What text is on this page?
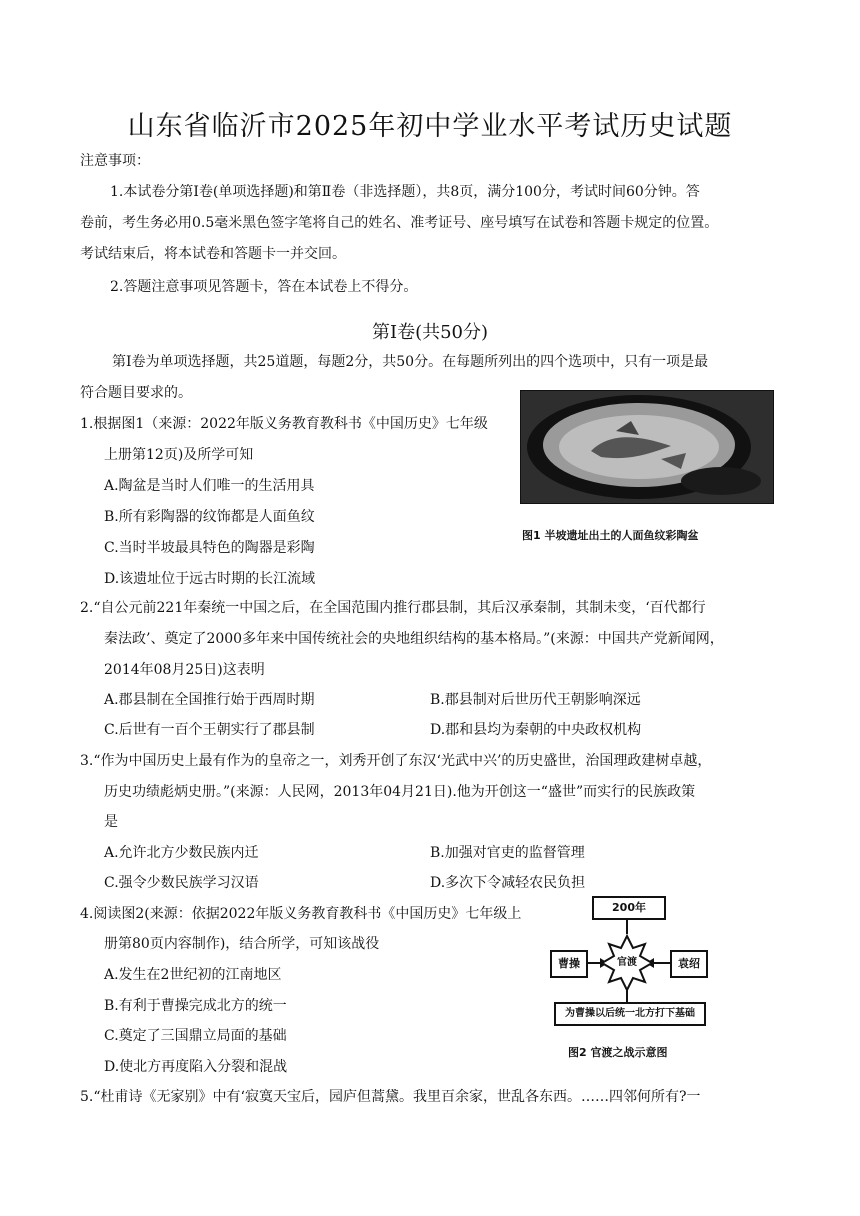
山东省临沂市2025年初中学业水平考试历史试题
注意事项：
1.本试卷分第Ⅰ卷(单项选择题)和第Ⅱ卷（非选择题），共8页，满分100分，考试时间60分钟。答
卷前，考生务必用0.5毫米黑色签字笔将自己的姓名、准考证号、座号填写在试卷和答题卡规定的位置。
考试结束后，将本试卷和答题卡一并交回。
2.答题注意事项见答题卡，答在本试卷上不得分。
第Ⅰ卷(共50分)
第Ⅰ卷为单项选择题，共25道题，每题2分，共50分。在每题所列出的四个选项中，只有一项是最
符合题目要求的。
1.根据图1（来源：2022年版义务教育教科书《中国历史》七年级
上册第12页)及所学可知
A.陶盆是当时人们唯一的生活用具
B.所有彩陶器的纹饰都是人面鱼纹
C.当时半坡最具特色的陶器是彩陶
D.该遗址位于远古时期的长江流域
图1 半坡遗址出土的人面鱼纹彩陶盆
2.“自公元前221年秦统一中国之后，在全国范围内推行郡县制，其后汉承秦制，其制未变，‘百代都行
秦法政’、奠定了2000多年来中国传统社会的央地组织结构的基本格局。”(来源：中国共产党新闻网，
2014年08月25日)这表明
A.郡县制在全国推行始于西周时期	B.郡县制对后世历代王朝影响深远
C.后世有一百个王朝实行了郡县制	D.郡和县均为秦朝的中央政权机构
3.“作为中国历史上最有作为的皇帝之一，刘秀开创了东汉‘光武中兴’的历史盛世，治国理政建树卓越，
历史功绩彪炳史册。”(来源：人民网，2013年04月21日).他为开创这一“盛世”而实行的民族政策
是
A.允许北方少数民族内迁	B.加强对官吏的监督管理
C.强令少数民族学习汉语	D.多次下令减轻农民负担
4.阅读图2(来源：依据2022年版义务教育教科书《中国历史》七年级上
册第80页内容制作)，结合所学，可知该战役
A.发生在2世纪初的江南地区
B.有利于曹操完成北方的统一
C.奠定了三国鼎立局面的基础
D.使北方再度陷入分裂和混战
200年
曹操	袁绍
官渡
为曹操以后统一北方打下基础
图2 官渡之战示意图
5.“杜甫诗《无家别》中有‘寂寞天宝后，园庐但蒿黛。我里百余家，世乱各东西。……四邻何所有?一
